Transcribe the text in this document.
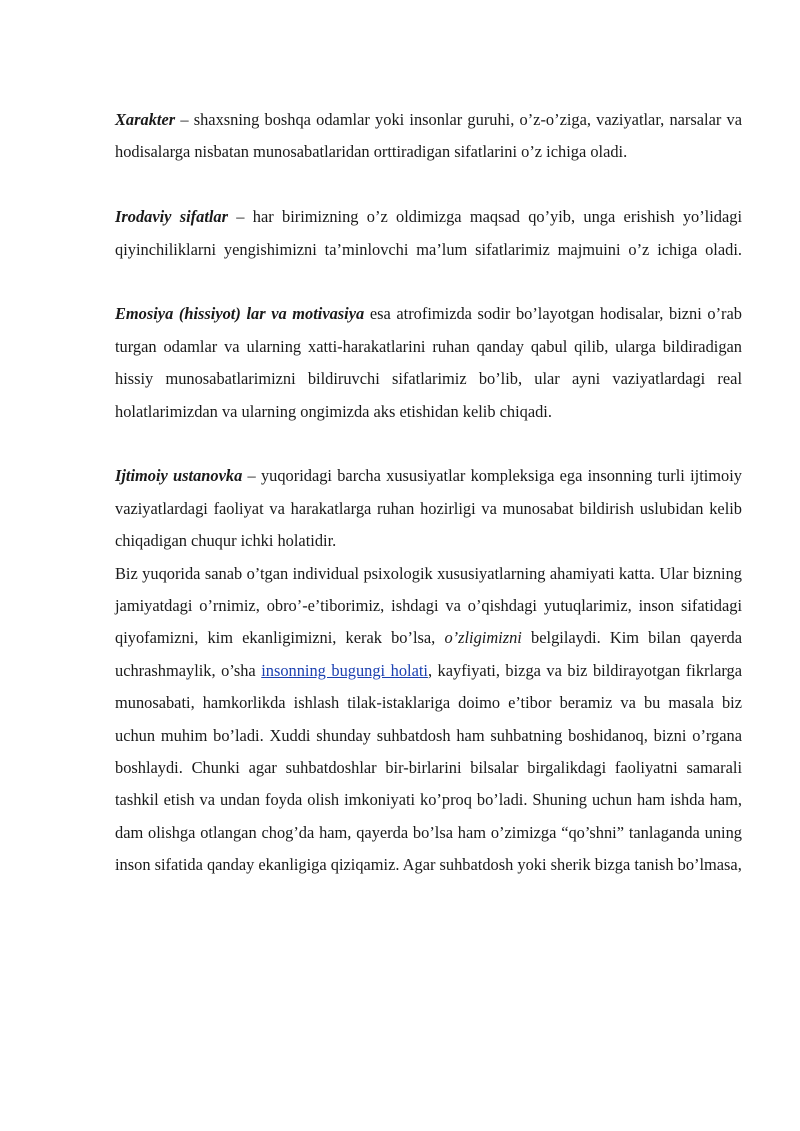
Xarakter – shaxsning boshqa odamlar yoki insonlar guruhi, o’z-o’ziga, vaziyatlar, narsalar va hodisalarga nisbatan munosabatlaridan orttiradigan sifatlarini o’z ichiga oladi.

Irodaviy sifatlar – har birimizning o’z oldimizga maqsad qo’yib, unga erishish yo’lidagi qiyinchiliklarni yengishimizni ta’minlovchi ma’lum sifatlarimiz majmuini o’z ichiga oladi.

Emosiya (hissiyot) lar va motivasiya esa atrofimizda sodir bo’layotgan hodisalar, bizni o’rab turgan odamlar va ularning xatti-harakatlarini ruhan qanday qabul qilib, ularga bildiradigan hissiy munosabatlarimizni bildiruvchi sifatlarimiz bo’lib, ular ayni vaziyatlardagi real holatlarimizdan va ularning ongimizda aks etishidan kelib chiqadi.

Ijtimoiy ustanovka – yuqoridagi barcha xususiyatlar kompleksiga ega insonning turli ijtimoiy vaziyatlardagi faoliyat va harakatlarga ruhan hozirligi va munosabat bildirish uslubidan kelib chiqadigan chuqur ichki holatidir.

Biz yuqorida sanab o’tgan individual psixologik xususiyatlarning ahamiyati katta. Ular bizning jamiyatdagi o’rnimiz, obro’-e’tiborimiz, ishdagi va o’qishdagi yutuqlarimiz, inson sifatidagi qiyofamizni, kim ekanligimizni, kerak bo’lsa, o’zligimizni belgilaydi. Kim bilan qayerda uchrashmaylik, o’sha insonning bugungi holati, kayfiyati, bizga va biz bildirayotgan fikrlarga munosabati, hamkorlikda ishlash tilak-istaklariga doimo e’tibor beramiz va bu masala biz uchun muhim bo’ladi. Xuddi shunday suhbatdosh ham suhbatning boshidanoq, bizni o’rgana boshlaydi. Chunki agar suhbatdoshlar bir-birlarini bilsalar birgalikdagi faoliyatni samarali tashkil etish va undan foyda olish imkoniyati ko’proq bo’ladi. Shuning uchun ham ishda ham, dam olishga otlangan chog’da ham, qayerda bo’lsa ham o’zimizga “qo’shni” tanlaganda uning inson sifatida qanday ekanligiga qiziqamiz. Agar suhbatdosh yoki sherik bizga tanish bo’lmasa,
